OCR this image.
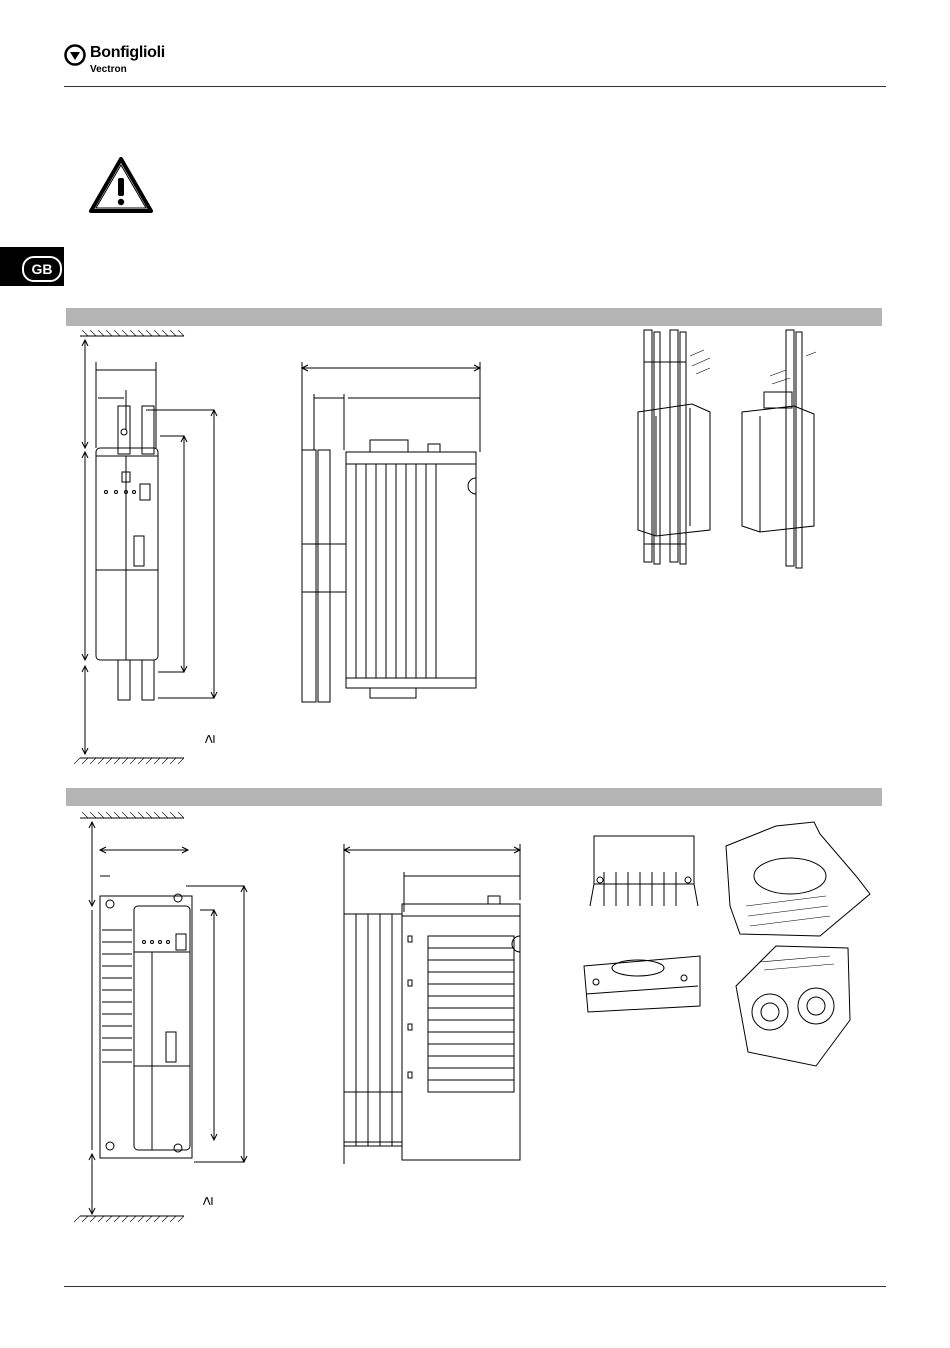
Bonfiglioli
Vectron
GB
≥
≥
